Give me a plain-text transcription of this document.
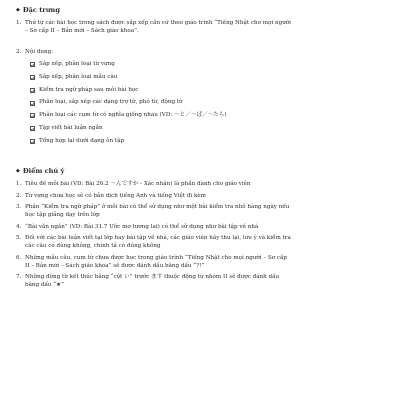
◆ Đặc trưng
1. Thứ tự các bài học trong sách được sắp xếp căn cứ theo giáo trình “Tiếng Nhật cho mọi người
– Sơ cấp II – Bản mới – Sách giáo khoa”.
2. Nội dung:
Sắp xếp, phân loại từ vựng
Sắp xếp, phân loại mẫu câu
Kiểm tra ngữ pháp sau mỗi bài học
Phân loại, sắp xếp các dạng trợ từ, phó từ, động từ
Phân loại các cụm từ có nghĩa giống nhau (VD: 〜と／〜ば／〜たら)
Tập viết bài luận ngắn
Tổng hợp lại dưới dạng ôn tập
◆ Điểm chú ý
1. Tiêu đề mỗi bài (VD: Bài 26.2 〜んですか - Xác nhận) là phần dành cho giáo viên
2. Từ vựng chưa học sẽ có bản dịch tiếng Anh và tiếng Việt đi kèm
3. Phần “Kiểm tra ngữ pháp” ở mỗi bài có thể sử dụng như một bài kiểm tra nhỏ hàng ngày nếu
học tập giảng dạy trên lớp
4. “Bài văn ngắn” (VD: Bài 31.7 Ước mơ tương lai) có thể sử dụng như bài tập về nhà
5. Đối với các bài luận viết tại lớp hay bài tập về nhà, các giáo viên hãy thu lại, lưu ý và kiểm tra
các câu có dùng không, chính tả có đúng không
6. Những mẫu câu, cụm từ chưa được học trong giáo trình “Tiếng Nhật cho mọi người – Sơ cấp
II – Bản mới – Sách giáo khoa” sẽ được đánh dấu bằng dấu “?!”
7. Những động từ kết thúc bằng “cột い” trước ます thuộc động từ nhóm II sẽ được đánh dấu
bằng dấu “★”
